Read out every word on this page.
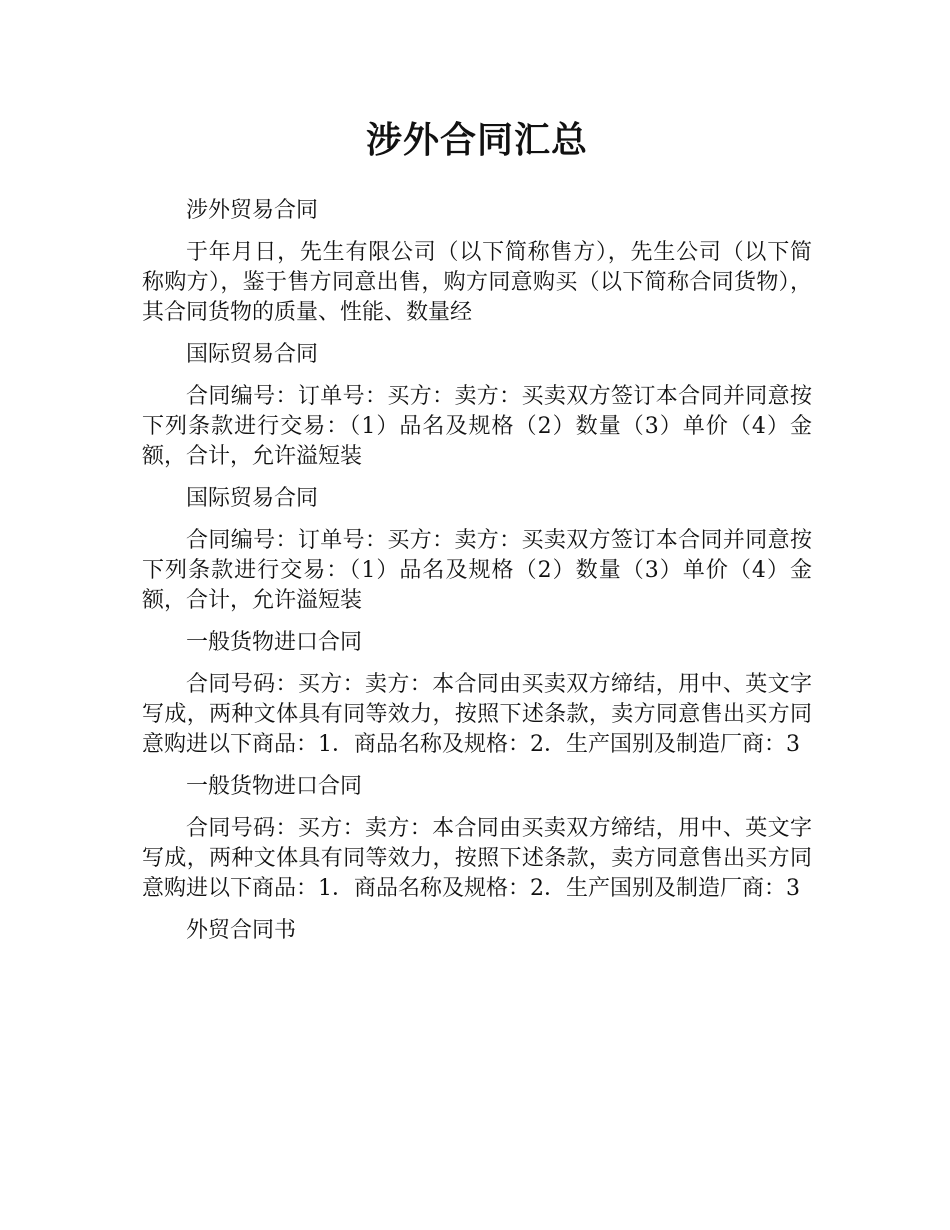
涉外合同汇总

涉外贸易合同

于年月日，先生有限公司（以下简称售方），先生公司（以下简称购方），鉴于售方同意出售，购方同意购买（以下简称合同货物），其合同货物的质量、性能、数量经

国际贸易合同

合同编号：订单号：买方：卖方：买卖双方签订本合同并同意按下列条款进行交易：（1）品名及规格（2）数量（3）单价（4）金额，合计，允许溢短装

国际贸易合同

合同编号：订单号：买方：卖方：买卖双方签订本合同并同意按下列条款进行交易：（1）品名及规格（2）数量（3）单价（4）金额，合计，允许溢短装

一般货物进口合同

合同号码：买方：卖方：本合同由买卖双方缔结，用中、英文字写成，两种文体具有同等效力，按照下述条款，卖方同意售出买方同意购进以下商品：1．商品名称及规格：2．生产国别及制造厂商：3

一般货物进口合同

合同号码：买方：卖方：本合同由买卖双方缔结，用中、英文字写成，两种文体具有同等效力，按照下述条款，卖方同意售出买方同意购进以下商品：1．商品名称及规格：2．生产国别及制造厂商：3

外贸合同书
